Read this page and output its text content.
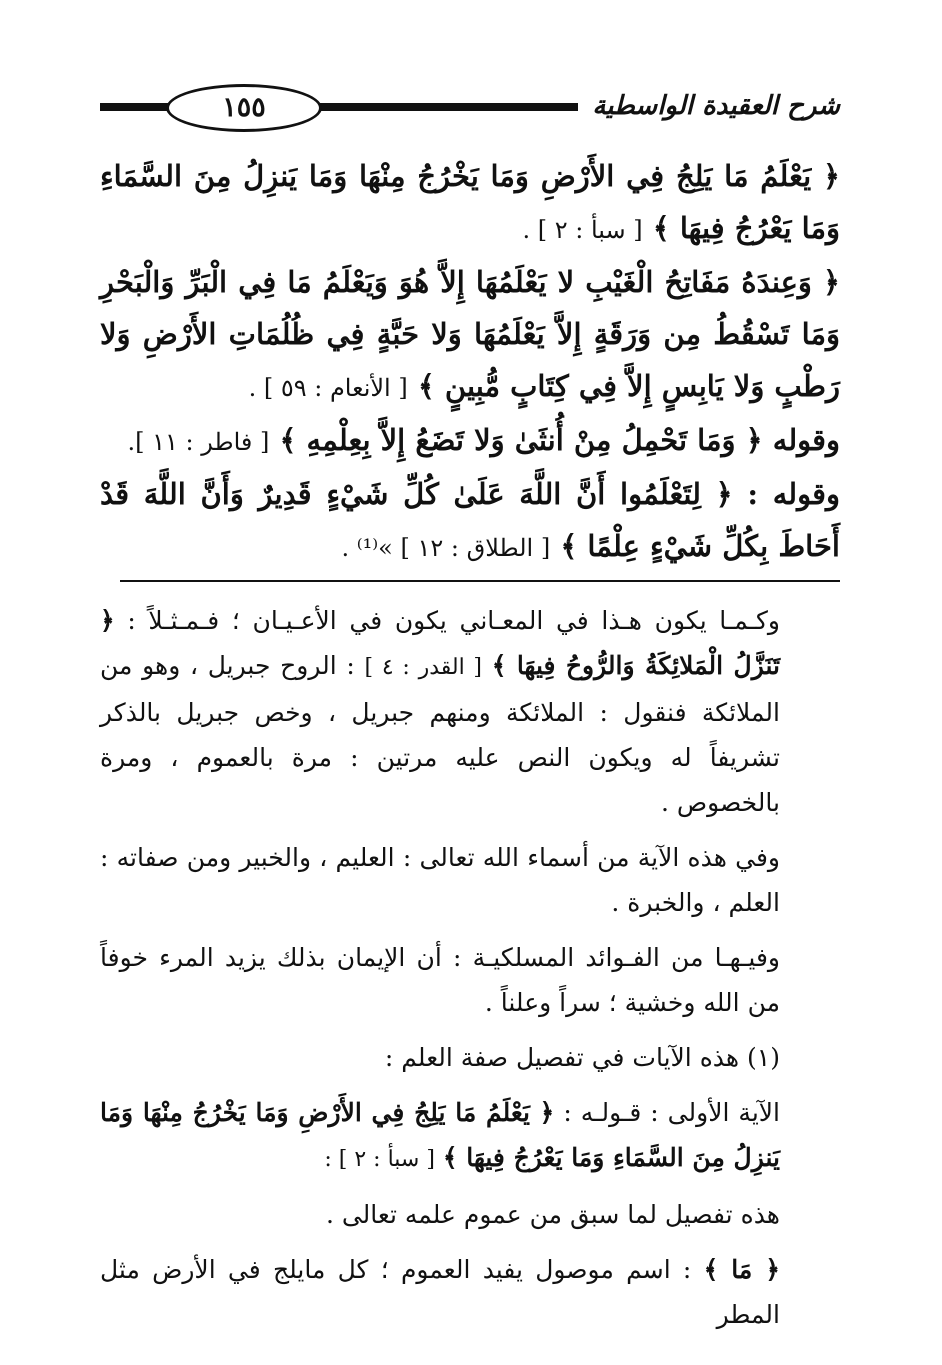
شرح العقيدة الواسطية
١٥٥

﴿ يَعْلَمُ مَا يَلِجُ فِي الأَرْضِ وَمَا يَخْرُجُ مِنْهَا وَمَا يَنزِلُ مِنَ السَّمَاءِ وَمَا يَعْرُجُ فِيهَا ﴾ [ سبأ : ٢ ] .

﴿ وَعِندَهُ مَفَاتِحُ الْغَيْبِ لا يَعْلَمُهَا إِلاَّ هُوَ وَيَعْلَمُ مَا فِي الْبَرِّ وَالْبَحْرِ وَمَا تَسْقُطُ مِن وَرَقَةٍ إِلاَّ يَعْلَمُهَا وَلا حَبَّةٍ فِي ظُلُمَاتِ الأَرْضِ وَلا رَطْبٍ وَلا يَابِسٍ إِلاَّ فِي كِتَابٍ مُّبِينٍ ﴾ [ الأنعام : ٥٩ ] .

وقوله ﴿ وَمَا تَحْمِلُ مِنْ أُنثَىٰ وَلا تَضَعُ إِلاَّ بِعِلْمِهِ ﴾ [ فاطر : ١١ ].

وقوله : ﴿ لِتَعْلَمُوا أَنَّ اللَّهَ عَلَىٰ كُلِّ شَيْءٍ قَدِيرٌ وَأَنَّ اللَّهَ قَدْ أَحَاطَ بِكُلِّ شَيْءٍ عِلْمًا ﴾ [ الطلاق : ١٢ ] »⁽¹⁾ .

وكـمـا يكون هـذا في المعـاني يكون في الأعـيـان ؛ فـمـثـلاً : ﴿ تَنَزَّلُ الْمَلائِكَةُ وَالرُّوحُ فِيهَا ﴾ [ القدر : ٤ ] : الروح جبريل ، وهو من الملائكة فنقول : الملائكة ومنهم جبريل ، وخص جبريل بالذكر تشريفاً له ويكون النص عليه مرتين : مرة بالعموم ، ومرة بالخصوص .

وفي هذه الآية من أسماء الله تعالى : العليم ، والخبير ومن صفاته : العلم ، والخبرة .

وفيـهـا من الفـوائد المسلكيـة : أن الإيمان بذلك يزيد المرء خوفاً من الله وخشية ؛ سراً وعلناً .

(١) هذه الآيات في تفصيل صفة العلم :

الآية الأولى : قـولـه : ﴿ يَعْلَمُ مَا يَلِجُ فِي الأَرْضِ وَمَا يَخْرُجُ مِنْهَا وَمَا يَنزِلُ مِنَ السَّمَاءِ وَمَا يَعْرُجُ فِيهَا ﴾ [ سبأ : ٢ ] :

هذه تفصيل لما سبق من عموم علمه تعالى .

﴿ مَا ﴾ : اسم موصول يفيد العموم ؛ كل مايلج في الأرض مثل المطر
